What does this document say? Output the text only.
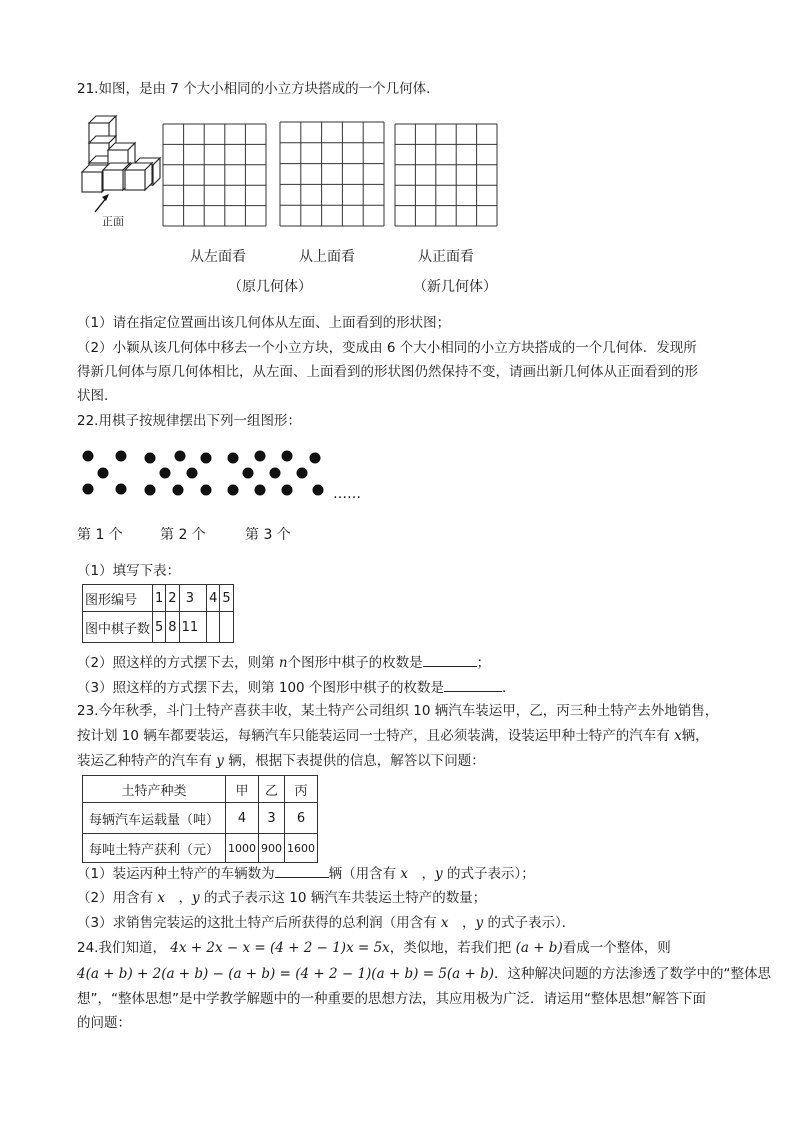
21.如图，是由 7 个大小相同的小立方块搭成的一个几何体．
正面
从左面看	从上面看	从正面看
（原几何体）	（新几何体）
（1）请在指定位置画出该几何体从左面、上面看到的形状图；
（2）小颖从该几何体中移去一个小立方块，变成由 6 个大小相同的小立方块搭成的一个几何体．发现所
得新几何体与原几何体相比，从左面、上面看到的形状图仍然保持不变，请画出新几何体从正面看到的形
状图．
22.用棋子按规律摆出下列一组图形：
……
第 1 个	第 2 个	第 3 个
（1）填写下表：
图形编号	1	2	3	4	5
图中棋子数	5	8	11		
（2）照这样的方式摆下去，则第 n个图形中棋子的枚数是	；
（3）照这样的方式摆下去，则第 100 个图形中棋子的枚数是	．
23.今年秋季，斗门土特产喜获丰收，某土特产公司组织 10 辆汽车装运甲，乙，丙三种土特产去外地销售，
按计划 10 辆车都要装运，每辆汽车只能装运同一士特产，且必须装满，设装运甲种士特产的汽车有 x辆，
装运乙种特产的汽车有 y 辆，根据下表提供的信息，解答以下问题：
土特产种类	甲	乙	丙
每辆汽车运载量（吨）	4	3	6
每吨土特产获利（元）	1000	900	1600
（1）装运丙种土特产的车辆数为	辆（用含有 x　，y 的式子表示）；
（2）用含有 x　，y 的式子表示这 10 辆汽车共装运土特产的数量；
（3）求销售完装运的这批土特产后所获得的总利润（用含有 x　，y 的式子表示）．
24.我们知道， 4x + 2x − x = (4 + 2 − 1)x = 5x，类似地，若我们把 (a + b)看成一个整体，则
4(a + b) + 2(a + b) − (a + b) = (4 + 2 − 1)(a + b) = 5(a + b)．这种解决问题的方法渗透了数学中的“整体思
想”，“整体思想”是中学教学解题中的一种重要的思想方法，其应用极为广泛．请运用“整体思想”解答下面
的问题：
